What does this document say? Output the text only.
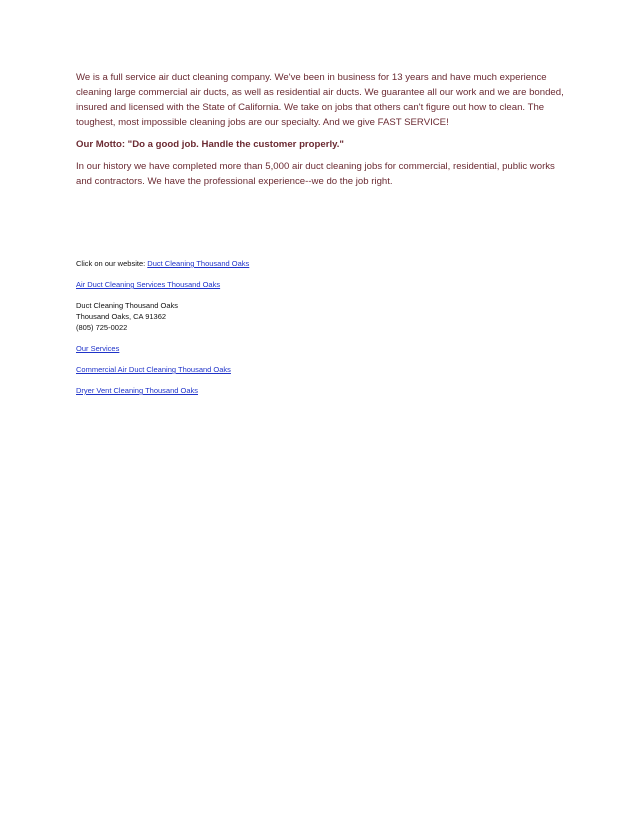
We is a full service air duct cleaning company. We've been in business for 13 years and have much experience cleaning large commercial air ducts, as well as residential air ducts. We guarantee all our work and we are bonded, insured and licensed with the State of California. We take on jobs that others can't figure out how to clean. The toughest, most impossible cleaning jobs are our specialty. And we give FAST SERVICE!

Our Motto: "Do a good job. Handle the customer properly."

In our history we have completed more than 5,000 air duct cleaning jobs for commercial, residential, public works and contractors. We have the professional experience--we do the job right.

Click on our website: Duct Cleaning Thousand Oaks

Air Duct Cleaning Services Thousand Oaks

Duct Cleaning Thousand Oaks

Thousand Oaks, CA 91362

(805) 725-0022

Our Services

Commercial Air Duct Cleaning Thousand Oaks

Dryer Vent Cleaning Thousand Oaks
